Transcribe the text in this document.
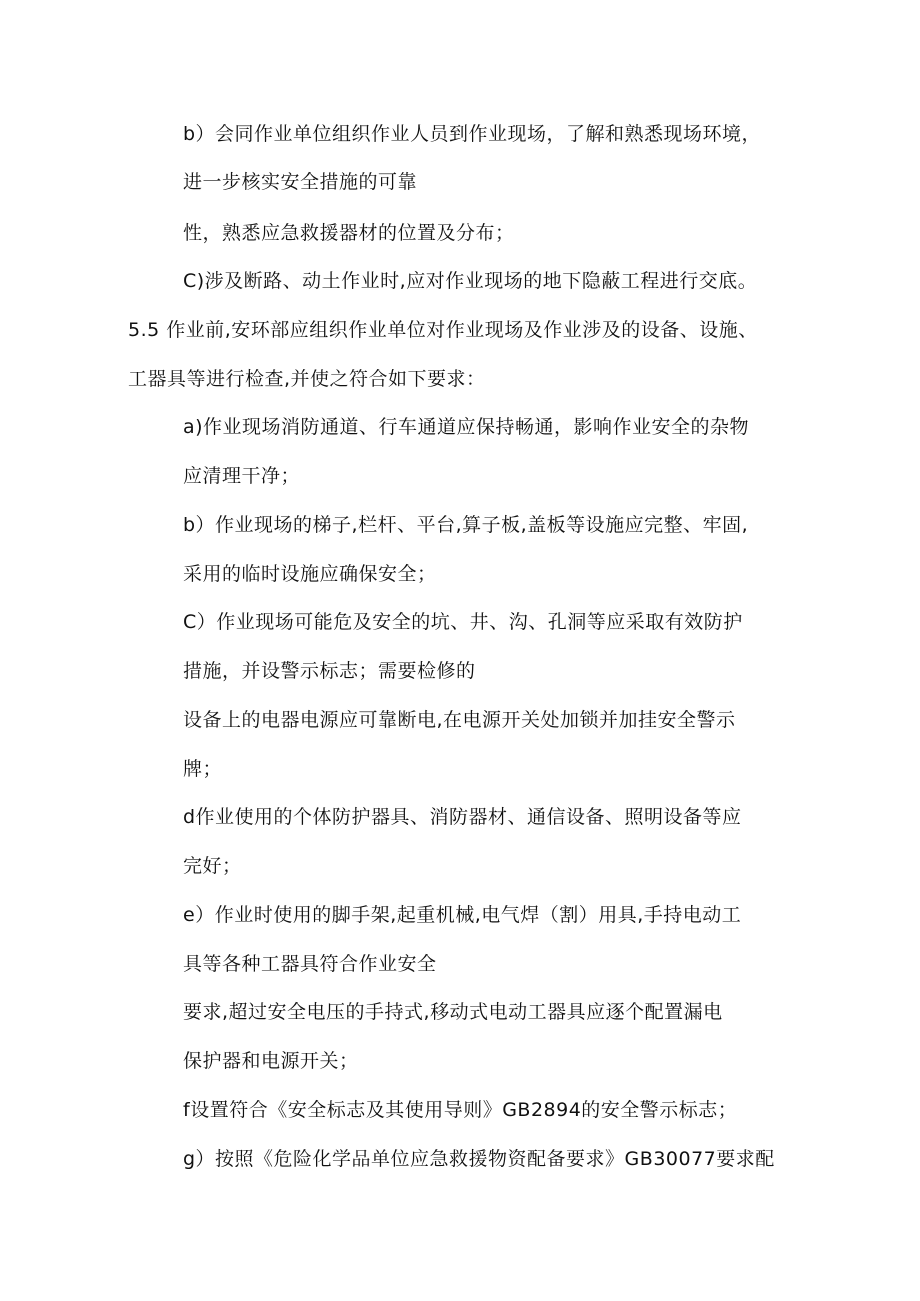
b）会同作业单位组织作业人员到作业现场，了解和熟悉现场环境，
进一步核实安全措施的可靠
性，熟悉应急救援器材的位置及分布；
C)涉及断路、动土作业时,应对作业现场的地下隐蔽工程进行交底。
5.5 作业前,安环部应组织作业单位对作业现场及作业涉及的设备、设施、
工器具等进行检查,并使之符合如下要求：
a)作业现场消防通道、行车通道应保持畅通，影响作业安全的杂物
应清理干净；
b）作业现场的梯子,栏杆、平台,算子板,盖板等设施应完整、牢固,
采用的临时设施应确保安全；
C）作业现场可能危及安全的坑、井、沟、孔洞等应采取有效防护
措施，并设警示标志；需要检修的
设备上的电器电源应可靠断电,在电源开关处加锁并加挂安全警示
牌；
d作业使用的个体防护器具、消防器材、通信设备、照明设备等应
完好；
e）作业时使用的脚手架,起重机械,电气焊（割）用具,手持电动工
具等各种工器具符合作业安全
要求,超过安全电压的手持式,移动式电动工器具应逐个配置漏电
保护器和电源开关；
f设置符合《安全标志及其使用导则》GB2894的安全警示标志；
g）按照《危险化学品单位应急救援物资配备要求》GB30077要求配
